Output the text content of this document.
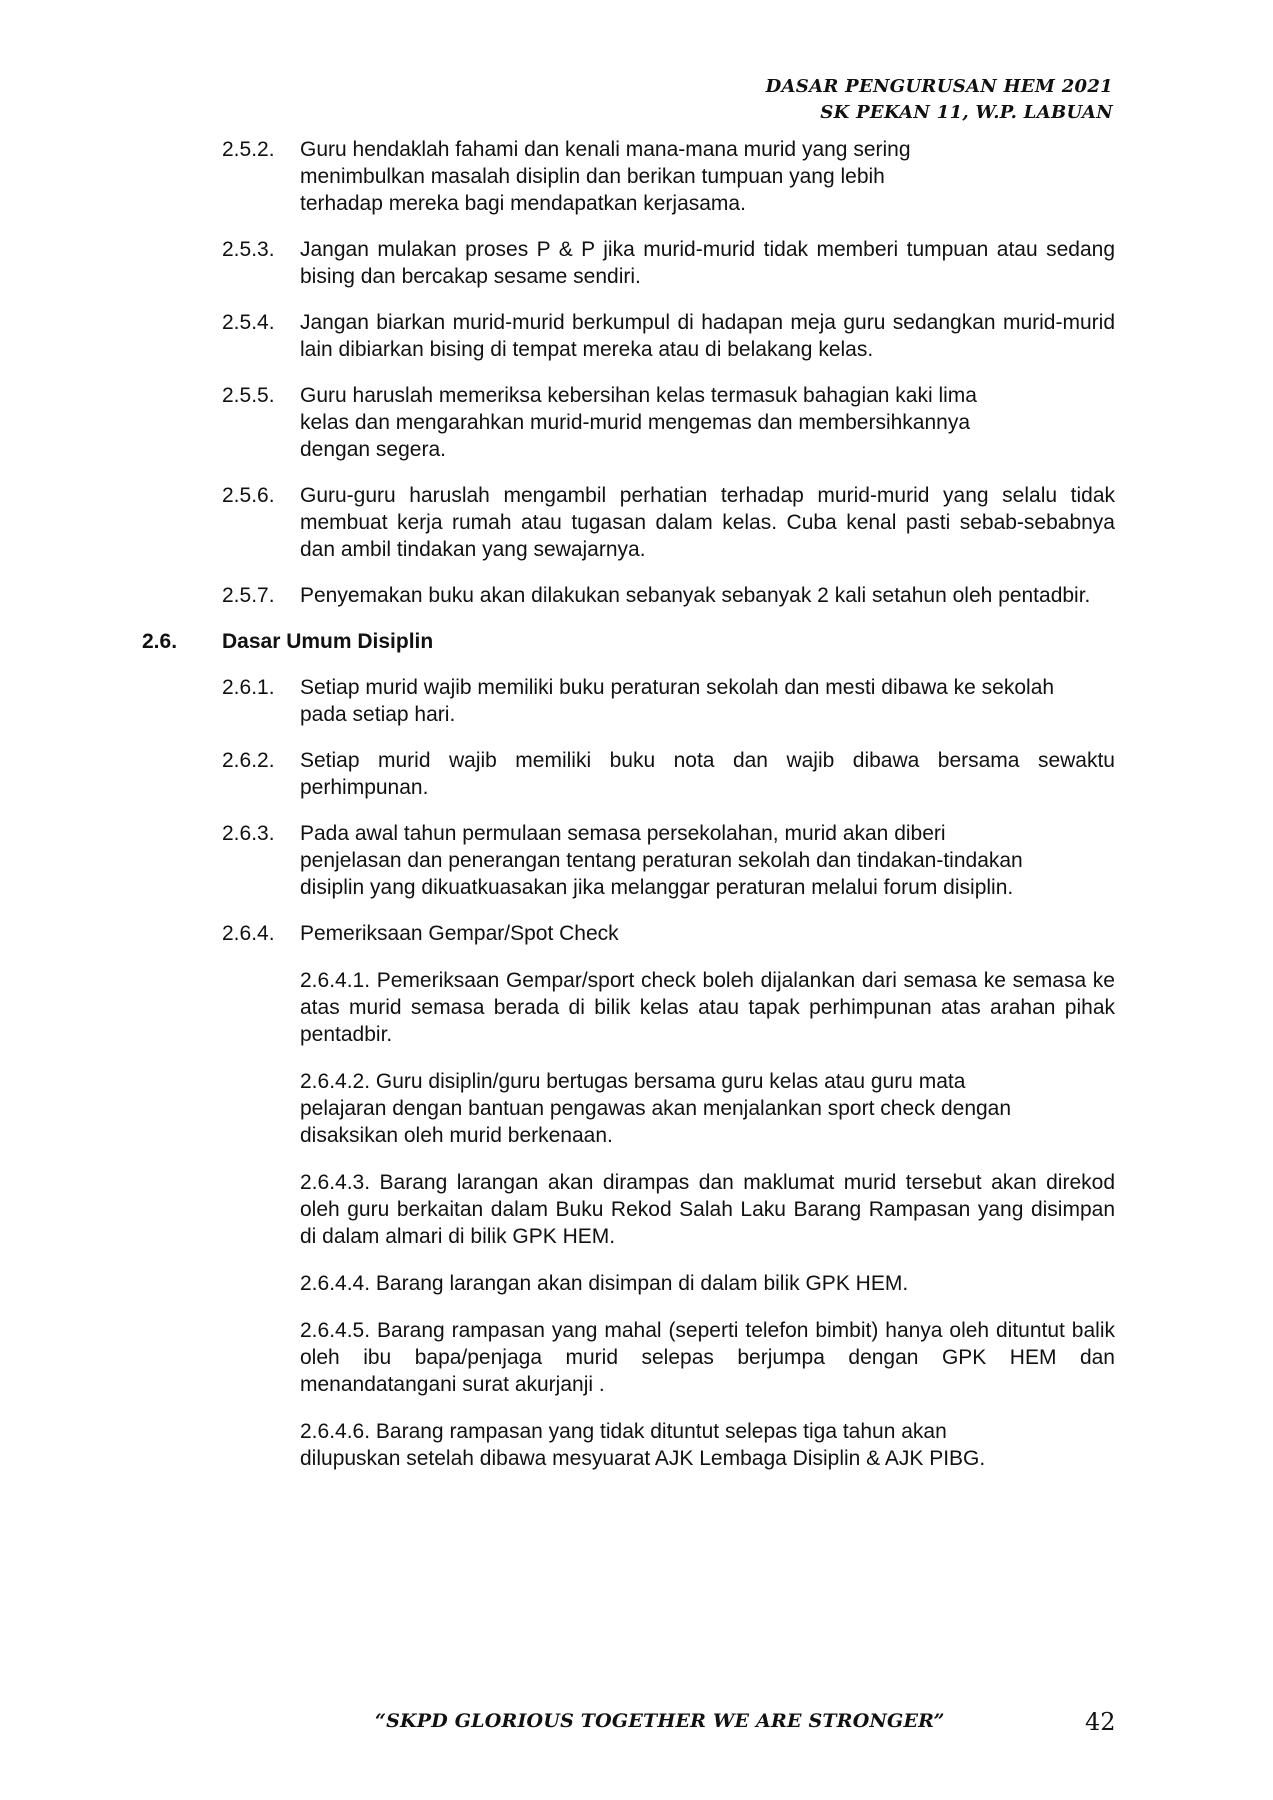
DASAR PENGURUSAN HEM 2021
SK PEKAN 11, W.P. LABUAN
2.5.2. Guru hendaklah fahami dan kenali mana-mana murid yang sering menimbulkan masalah disiplin dan berikan tumpuan yang lebih terhadap mereka bagi mendapatkan kerjasama.
2.5.3. Jangan mulakan proses P & P jika murid-murid tidak memberi tumpuan atau sedang bising dan bercakap sesame sendiri.
2.5.4. Jangan biarkan murid-murid berkumpul di hadapan meja guru sedangkan murid-murid lain dibiarkan bising di tempat mereka atau di belakang kelas.
2.5.5. Guru haruslah memeriksa kebersihan kelas termasuk bahagian kaki lima kelas dan mengarahkan murid-murid mengemas dan membersihkannya dengan segera.
2.5.6. Guru-guru haruslah mengambil perhatian terhadap murid-murid yang selalu tidak membuat kerja rumah atau tugasan dalam kelas. Cuba kenal pasti sebab-sebabnya dan ambil tindakan yang sewajarnya.
2.5.7. Penyemakan buku akan dilakukan sebanyak sebanyak 2 kali setahun oleh pentadbir.
2.6. Dasar Umum Disiplin
2.6.1. Setiap murid wajib memiliki buku peraturan sekolah dan mesti dibawa ke sekolah pada setiap hari.
2.6.2. Setiap murid wajib memiliki buku nota dan wajib dibawa bersama sewaktu perhimpunan.
2.6.3. Pada awal tahun permulaan semasa persekolahan, murid akan diberi penjelasan dan penerangan tentang peraturan sekolah dan tindakan-tindakan disiplin yang dikuatkuasakan jika melanggar peraturan melalui forum disiplin.
2.6.4. Pemeriksaan Gempar/Spot Check
2.6.4.1. Pemeriksaan Gempar/sport check boleh dijalankan dari semasa ke semasa ke atas murid semasa berada di bilik kelas atau tapak perhimpunan atas arahan pihak pentadbir.
2.6.4.2. Guru disiplin/guru bertugas bersama guru kelas atau guru mata pelajaran dengan bantuan pengawas akan menjalankan sport check dengan disaksikan oleh murid berkenaan.
2.6.4.3. Barang larangan akan dirampas dan maklumat murid tersebut akan direkod oleh guru berkaitan dalam Buku Rekod Salah Laku Barang Rampasan yang disimpan di dalam almari di bilik GPK HEM.
2.6.4.4. Barang larangan akan disimpan di dalam bilik GPK HEM.
2.6.4.5. Barang rampasan yang mahal (seperti telefon bimbit) hanya oleh dituntut balik oleh ibu bapa/penjaga murid selepas berjumpa dengan GPK HEM dan menandatangani surat akurjanji .
2.6.4.6. Barang rampasan yang tidak dituntut selepas tiga tahun akan dilupuskan setelah dibawa mesyuarat AJK Lembaga Disiplin & AJK PIBG.
“SKPD GLORIOUS TOGETHER WE ARE STRONGER”	42
